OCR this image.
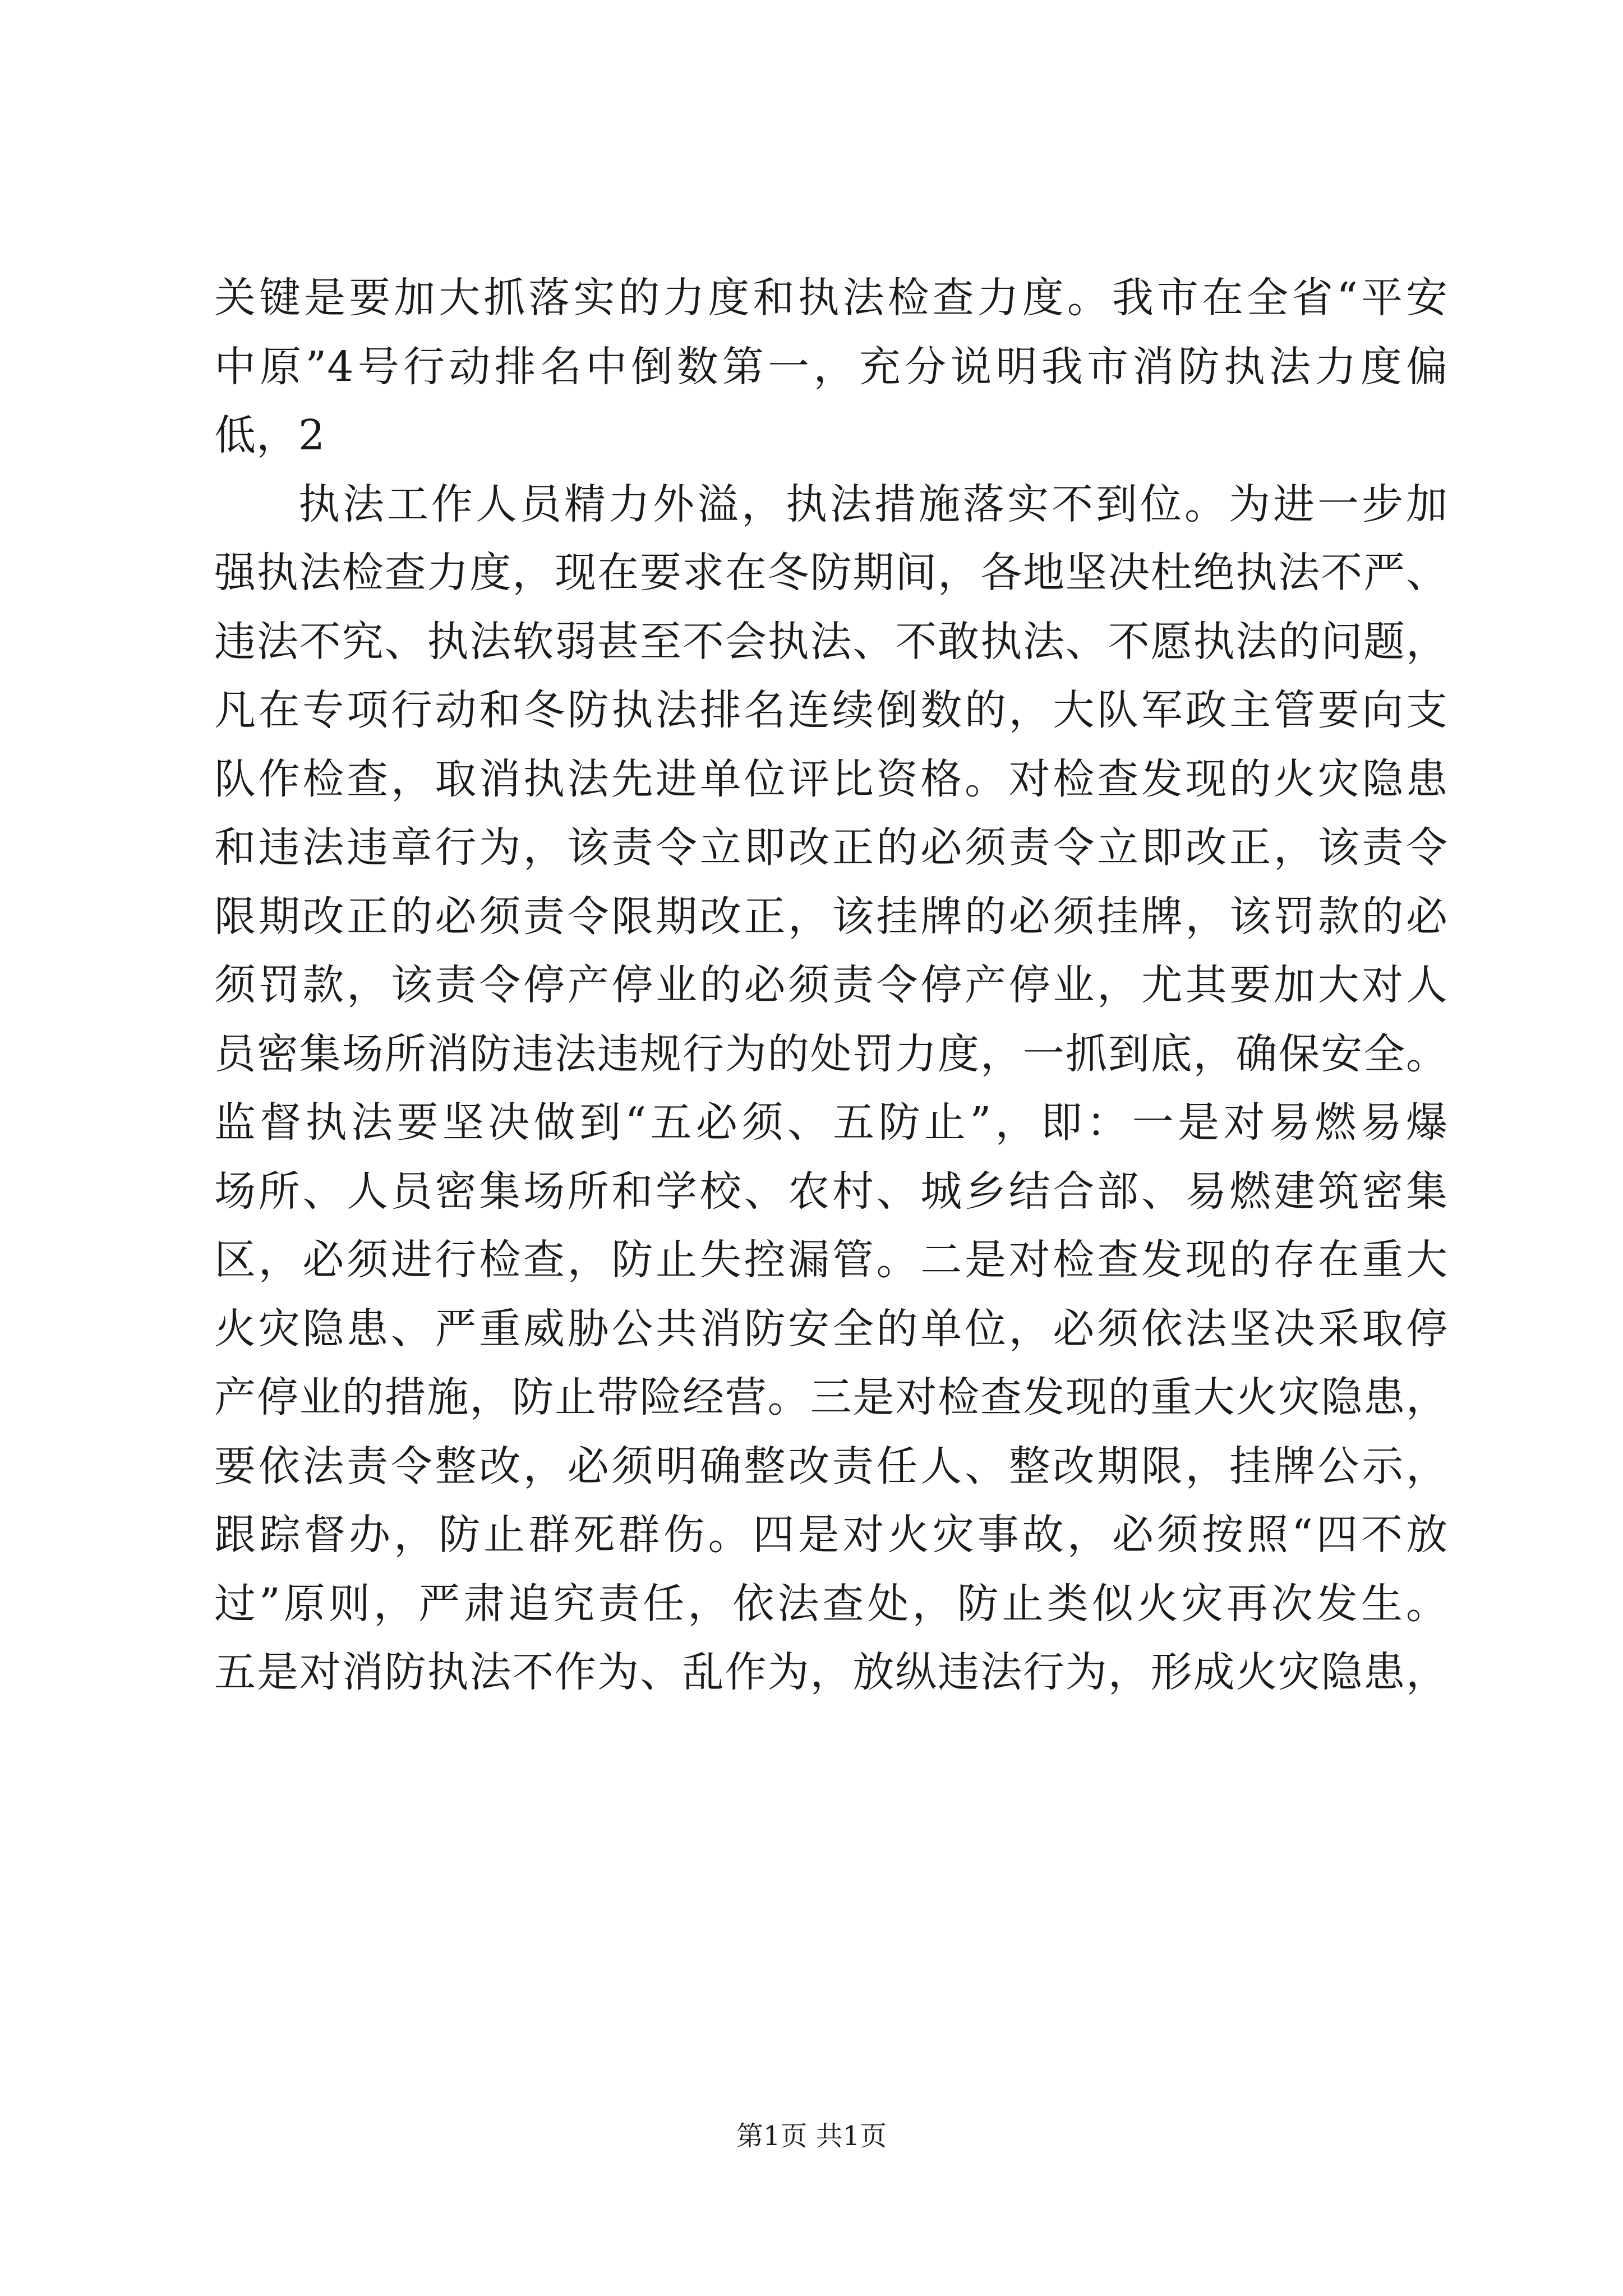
关键是要加大抓落实的力度和执法检查力度。我市在全省“平安
中原”4号行动排名中倒数第一，充分说明我市消防执法力度偏
低，2

执法工作人员精力外溢，执法措施落实不到位。为进一步加
强执法检查力度，现在要求在冬防期间，各地坚决杜绝执法不严、
违法不究、执法软弱甚至不会执法、不敢执法、不愿执法的问题，
凡在专项行动和冬防执法排名连续倒数的，大队军政主管要向支
队作检查，取消执法先进单位评比资格。对检查发现的火灾隐患
和违法违章行为，该责令立即改正的必须责令立即改正，该责令
限期改正的必须责令限期改正，该挂牌的必须挂牌，该罚款的必
须罚款，该责令停产停业的必须责令停产停业，尤其要加大对人
员密集场所消防违法违规行为的处罚力度，一抓到底，确保安全。
监督执法要坚决做到“五必须、五防止”，即：一是对易燃易爆
场所、人员密集场所和学校、农村、城乡结合部、易燃建筑密集
区，必须进行检查，防止失控漏管。二是对检查发现的存在重大
火灾隐患、严重威胁公共消防安全的单位，必须依法坚决采取停
产停业的措施，防止带险经营。三是对检查发现的重大火灾隐患，
要依法责令整改，必须明确整改责任人、整改期限，挂牌公示，
跟踪督办，防止群死群伤。四是对火灾事故，必须按照“四不放
过”原则，严肃追究责任，依法查处，防止类似火灾再次发生。
五是对消防执法不作为、乱作为，放纵违法行为，形成火灾隐患，

第1页 共1页
